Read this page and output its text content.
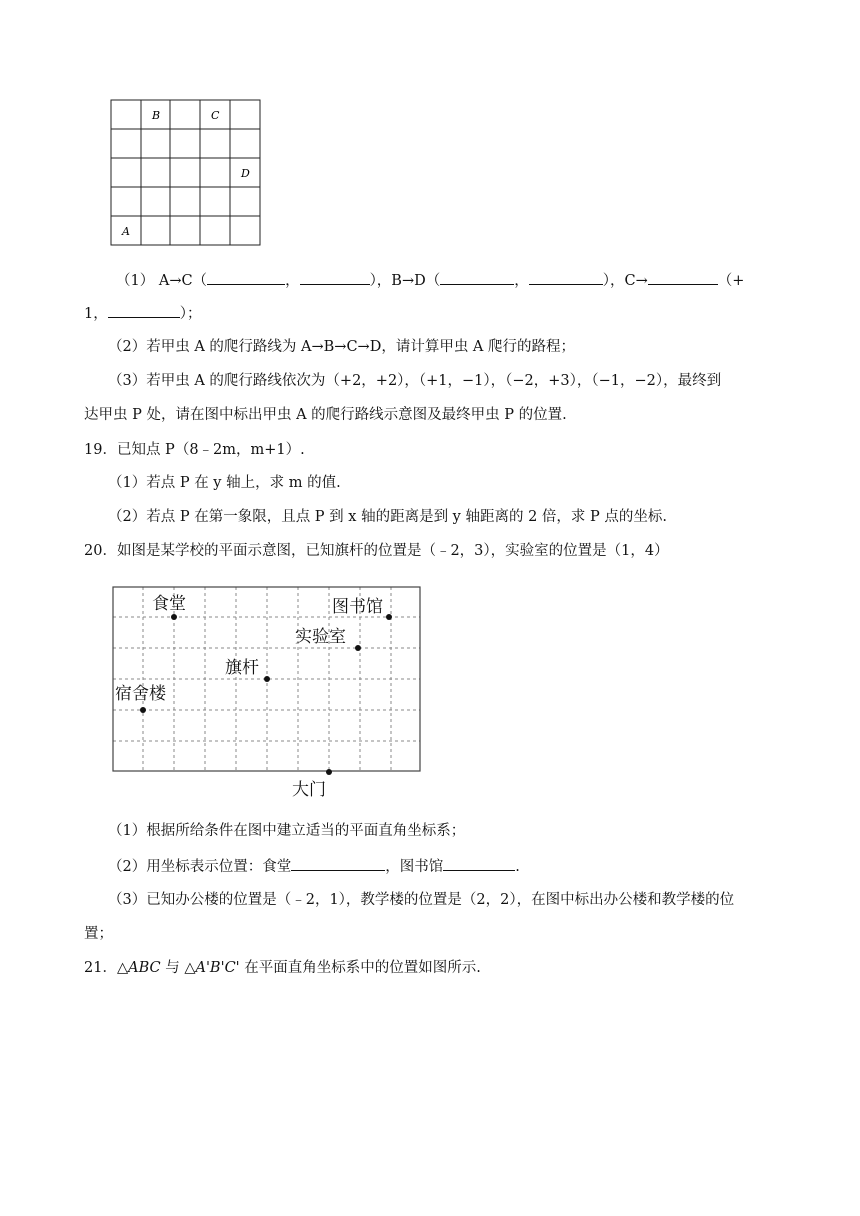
B	C
D
A
（1） A→C（	，	），B→D（	，	），C→	（+
1，	）；
（2）若甲虫 A 的爬行路线为 A→B→C→D，请计算甲虫 A 爬行的路程；
（3）若甲虫 A 的爬行路线依次为（+2，+2），（+1，−1），（−2，+3），（−1，−2），最终到
达甲虫 P 处，请在图中标出甲虫 A 的爬行路线示意图及最终甲虫 P 的位置.
19．已知点 P（8﹣2m，m+1）.
（1）若点 P 在 y 轴上，求 m 的值.
（2）若点 P 在第一象限，且点 P 到 x 轴的距离是到 y 轴距离的 2 倍，求 P 点的坐标.
20．如图是某学校的平面示意图，已知旗杆的位置是（﹣2，3），实验室的位置是（1，4）
食堂	图书馆
实验室
旗杆
宿舍楼
大门
（1）根据所给条件在图中建立适当的平面直角坐标系；
（2）用坐标表示位置：食堂	，图书馆	.
（3）已知办公楼的位置是（﹣2，1），教学楼的位置是（2，2），在图中标出办公楼和教学楼的位
置；
21．△ABC 与 △A'B'C' 在平面直角坐标系中的位置如图所示.
